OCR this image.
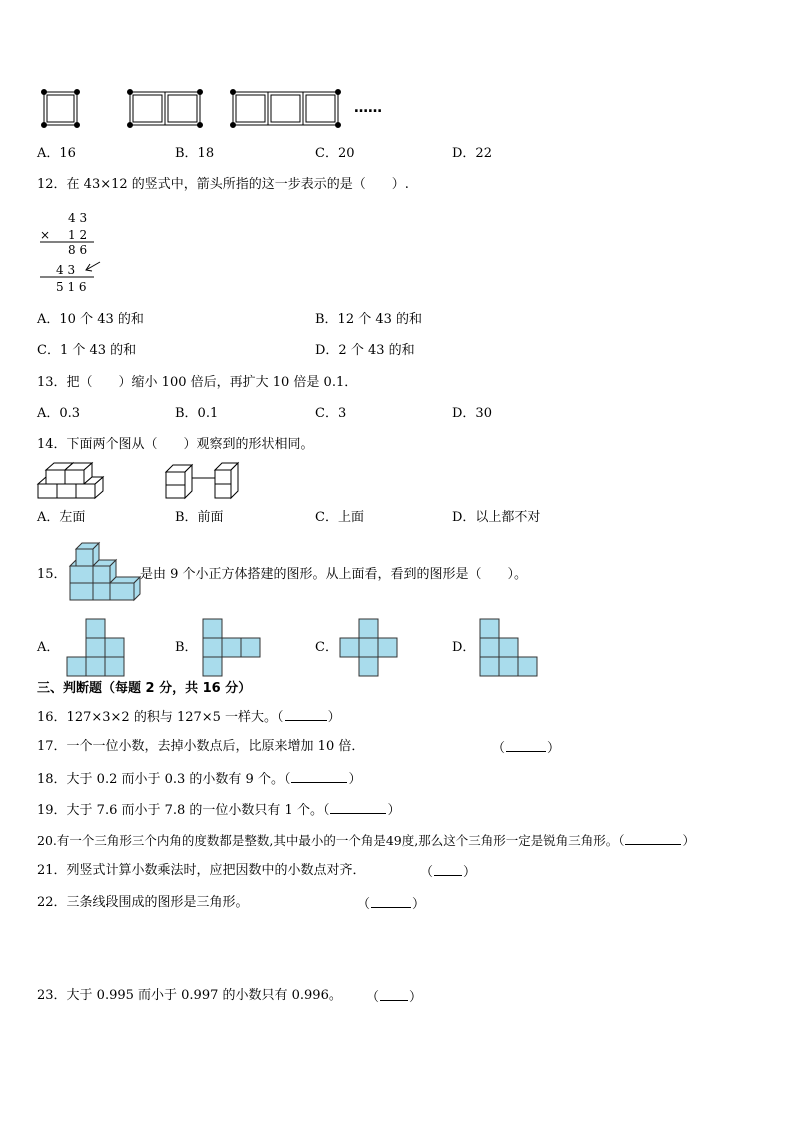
……
A．16	B．18	C．20	D．22
12．在 43×12 的竖式中，箭头所指的这一步表示的是（　　）.
4 3
× 1 2
8 6
4 3
5 1 6
A．10 个 43 的和	B．12 个 43 的和
C．1 个 43 的和	D．2 个 43 的和
13．把（　　）缩小 100 倍后，再扩大 10 倍是 0.1．
A．0.3	B．0.1	C．3	D．30
14．下面两个图从（　　）观察到的形状相同。
A．左面	B．前面	C．上面	D．以上都不对
15．	是由 9 个小正方体搭建的图形。从上面看，看到的图形是（　　）。
A．	B．	C．	D．
三、判断题（每题 2 分，共 16 分）
16．127×3×2 的积与 127×5 一样大。（	）
17．一个一位小数，去掉小数点后，比原来增加 10 倍．	（	）
18．大于 0.2 而小于 0.3 的小数有 9 个。（	）
19．大于 7.6 而小于 7.8 的一位小数只有 1 个。（	）
20.有一个三角形三个内角的度数都是整数,其中最小的一个角是49度,那么这个三角形一定是锐角三角形。（	）
21．列竖式计算小数乘法时，应把因数中的小数点对齐．	（ ）
22．三条线段围成的图形是三角形。	（	）
23．大于 0.995 而小于 0.997 的小数只有 0.996。 （ ）
